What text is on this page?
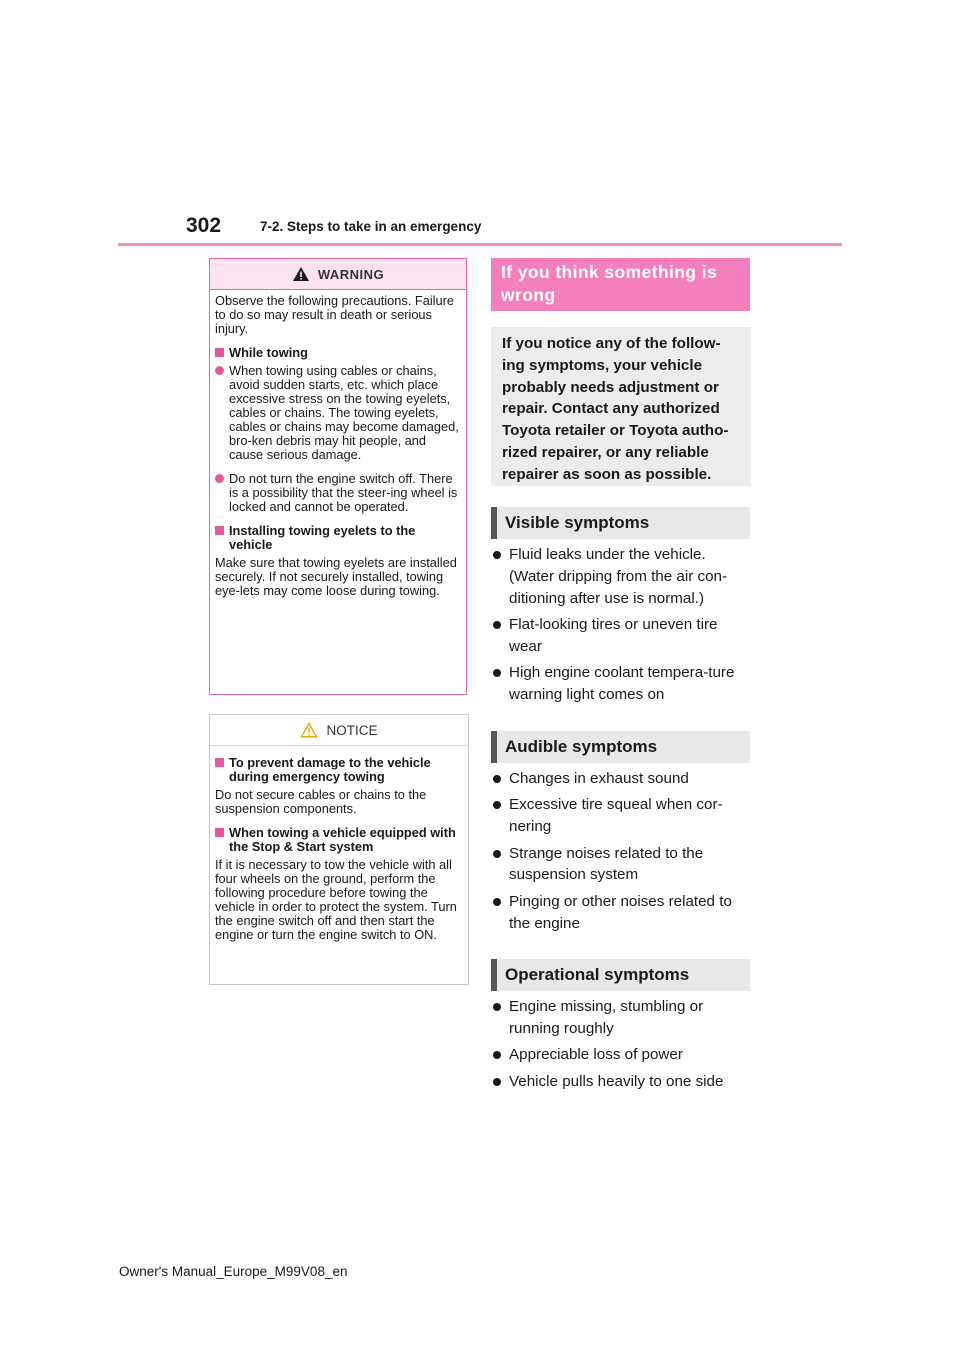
302	7-2. Steps to take in an emergency
WARNING

Observe the following precautions. Failure to do so may result in death or serious injury.

While towing
When towing using cables or chains, avoid sudden starts, etc. which place excessive stress on the towing eyelets, cables or chains. The towing eyelets, cables or chains may become damaged, bro-ken debris may hit people, and cause serious damage.
Do not turn the engine switch off. There is a possibility that the steer-ing wheel is locked and cannot be operated.
Installing towing eyelets to the vehicle

Make sure that towing eyelets are installed securely. If not securely installed, towing eye-lets may come loose during towing.

NOTICE
To prevent damage to the vehicle during emergency towing

Do not secure cables or chains to the suspension components.

When towing a vehicle equipped with the Stop & Start system

If it is necessary to tow the vehicle with all four wheels on the ground, perform the following procedure before towing the vehicle in order to protect the system. Turn the engine switch off and then start the engine or turn the engine switch to ON.

If you think something is wrong
If you notice any of the follow-ing symptoms, your vehicle probably needs adjustment or repair. Contact any authorized Toyota retailer or Toyota autho-rized repairer, or any reliable repairer as soon as possible.
Visible symptoms
Fluid leaks under the vehicle. (Water dripping from the air con-ditioning after use is normal.)
Flat-looking tires or uneven tire wear
High engine coolant tempera-ture warning light comes on
Audible symptoms
Changes in exhaust sound
Excessive tire squeal when cor-nering
Strange noises related to the suspension system
Pinging or other noises related to the engine
Operational symptoms
Engine missing, stumbling or running roughly
Appreciable loss of power
Vehicle pulls heavily to one side
Owner's Manual_Europe_M99V08_en
